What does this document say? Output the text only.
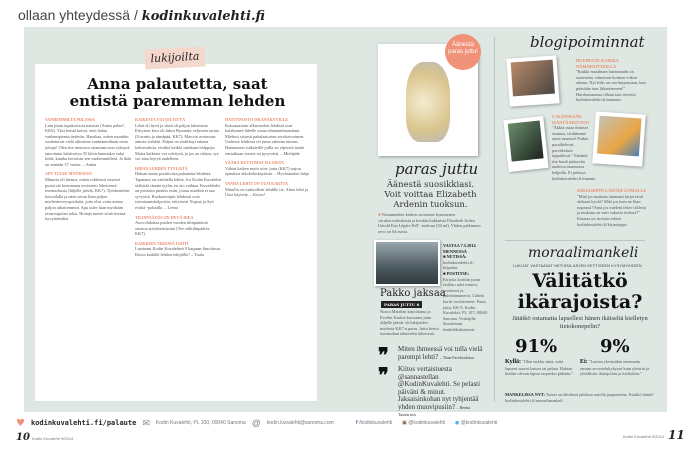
ollaan yhteydessä / kodinkuvalehti.fi
lukijoilta
Anna palautetta, saat entistä paremman lehden
VANHEMMILTA PIILOSSA

Luin jutun tupakoivista naisista (Antaa palaa?, KK6). Yksi heistä kertoi, ettei halua vanhempiensa tietävän. Hauskaa, miten muutkin suodattavat vielä aikuisina vanhemmiltaan omia juttuja! Olen itse menossa ottamaan ensi syksynä tatuoinnin häiritsetyn 35 kilon kunniaksi enkä tiedä, kuinka kertoisin sen vanhemmilleni. Ja ikää on sentään 37 vuotta. – Anitta

APU TULEE MYÖHÄSSÄ

Minusta oli hienoa, miten rohkeasti omaiset pystyivät kertomaan avoimesti läheisensä itsemurhasta (Jäljelle jäävät, KK7). Työskentelen hoitoalalla ja näen aivan liian paljon mielenterveyspotilaita, joita olisi voitu auttaa paljon aikaisemmin. Apu tulee liian myöhään resurssipulan takia. Hoitaja tuntee siinä itsensä kyvyttömäksi.

KAIKESTA VOI SELVITYÄ

Lehti oli hyvä ja siinä oli paljon lukemista. Erityisen kiva oli lukea Byzantin veljesten tarina (Uuvuttu ja rämäpää, KK7). Marcon avoimuus ainoaa viehätti. Paljon on sisältänyt takana kokemuksia, eivätkä kaikki suinkaan helppoja. Mutta kaikesta voi selvitytä, ja jos on tahtoa, syy voi aina löytyä uudelleen.

HIDAN LEHDEN TYYLISTÄ

Haluan antaa positiivista palautetta lehdestä. Tapanani on vaihdella lehtiä. Jos Kodin Kuvalehti säilyttää tämän tyylin, en aio vaihtaa. Kuvalehdet on pirstottu pieniin osiin, joissa asioihin ei saa syvyyttä. Ruokareseptit lehdessä ovat toteuttamiskelpoisia, erityisesti Nopsat ja Syö eväitä -palstalla. – Leena

TILINPÄÄTÖS ON HYVÄ IDEA

Aion ehdottaa puolen vuoden tilinpäätöstä omassa työyhteisössäni (Tee välitilinpäätös, KK7).

KAIKKIEN TEKEMÄ LEHTI

Luettuani Kodin Kuvalehteä 9 kaipaan ilmoitusta. Kiitos kaikille lehden tekijöille! – Tuula

HATUNNOSTO ISKÄNÄKYVILLE

Katsomastani alkuvuoden lehdistä osui kolahtanee lähelle omaa elämäntilannettani. Miehesi sairasti pahalaatuisen aivokasvaimen. Uudessa lehdessä oli jutun aiheena tuttuus. Hatunnosto isäkäteille joilla on ylpeyttä tuoda ensiaikaan vuosia tai pysyvästi. – Mielipide

VÄÄRÄ KUTTOMAT ILLOISTA

Vähän kaiken myös niin- juttu (KK7) tarjosi ajatuksia alkoholinkäytöstä. – Hyväntuulen lahja

VANHA LEHTI ON UUSI KARTTA

Minulla on vanhoilleni lehdille tie. Alma lehti ja Uusi käytetty. – Kiitos!

Äänestä paras juttu!
paras juttu
Äänestä suosikkiasi. Voit voittaa Elizabeth Ardenin tuoksun.
■ Vastanneiden kesken arvomme kymmenen citrukorvoinsikasta ja kevään kukkaista Elizabeth Arden Untold Eau Légère EdT -tuoksua (50 ml). Yhden palkinnon arvo on 64 euroa.
VASTAA 7.5.2014 MENNESSÄ
■ NETISSÄ:
kodinkuvalehti.fi/ kilpailut.
■ POSTITSE:
Kirjoita korttiin jutun otsikko sekä nimesi, osoitteesi ja puhelinnumeroi. Lähetä kortti osoitteeseen: Paras juttu, KK 9, Kodin Kuvalehti, PL 107, 00040 Sanoma. Voittajille ilmoitetaan henkilökohtaisesti.
Pakko jaksaa
PARAS JUTTU 6
Noora Mattilan kirjoittama ja Eveliin Kaskin kuvaama juttu Jäljelle jäävät oli lukijoiden mielestä KK7:n paras. Juttu kertoi itsemurhan tehneiden läheisistä.
❞ Miten ihmeessä voi tulla vielä parempi lehti? – Tiina Facebookissa
❞ Kiitos vertaistuesta @sannastellan @KodinKuvalehti. Se pelasti päiväni & minut. Jaksaisinkohan nyt tyhjentää yhden muuvipusiin? – Reetta Tuottarissa
blogipoiminnat
HUUHUUIU KAIKKA NÄMÄENITTEILLÄ
"Kaikki maailman lastentaudit on sairastettu viimeisen kolmen viikon aikana. Nyt fiilis on sen huipussaan, kun päästään taas liikenteeseen!" Hurrkummassa ollaan taas terveitä. kodinkuvalehti.fi/raanatas
U ISÄNSKÄÄN ISÄNTÄ MUUTOO
"Äkkiä ostaa ihmiset asuntoa, tiedäämme uutta asuntoa! Putket pasailtelevat, parvekelasit tippuilevat." Emäntä itse huuli pääsevän uudessa asunnossa helpolla. Ei päässyt. kodinkuvalehti.fi/emanta
KIRJASEPPO LÄHTEE LOMALLE
"Mitä jos mukaan ottamani kirjat eivät olekaan hyviä? Mitä jos luen ne liian nopeasti? Entä jos mieleni tekee trilleriä ja mukana on vain vakavia teoksia?" Ilmassa on stressin aikeet. kodinkuvalehti.fi/kirjasieppo
moraalimankeli
LUKIJAT VASTAAVAT NETISSÄ ARJEN EETTISEEN KYSYMYKSEEN
Välitätkö ikärajoista?
Jätätkö ostamatta lapsellesi hänen ikäiseltä kielletyn tietokonepelin?
91% 9%
Kyllä: "Olen tarkka siinä, mitä lapseni saavat katsoa tai pelata. Haluan heidän olevan lapsia tarpeeksi pitkään."
Ei: "Luotan yleensäkin enemmän omaan arvostelukykyyni kuin yleisiin ja ylitällisiin ikärajoihin ja kieltoihin."
MANKELISSA NYT: Tutusi on lähdössä juhliista autolla juopuneena. Estätkö häntä? kodinkuvalehti.fi/moraalimankeli
♥ kodinkuvalehti.fi/palaute ✉ Kodin Kuvalehti, PL 100, 00040 Sanoma @ kodin.kuvalehti@sanoma.com	f /kodinkuvalehti ▣ @kodinkuvalehti ◼ @kodinkuvalehti
10 Kodin Kuvalehti 9/2014	Kodin Kuvalehti 9/2014 11
